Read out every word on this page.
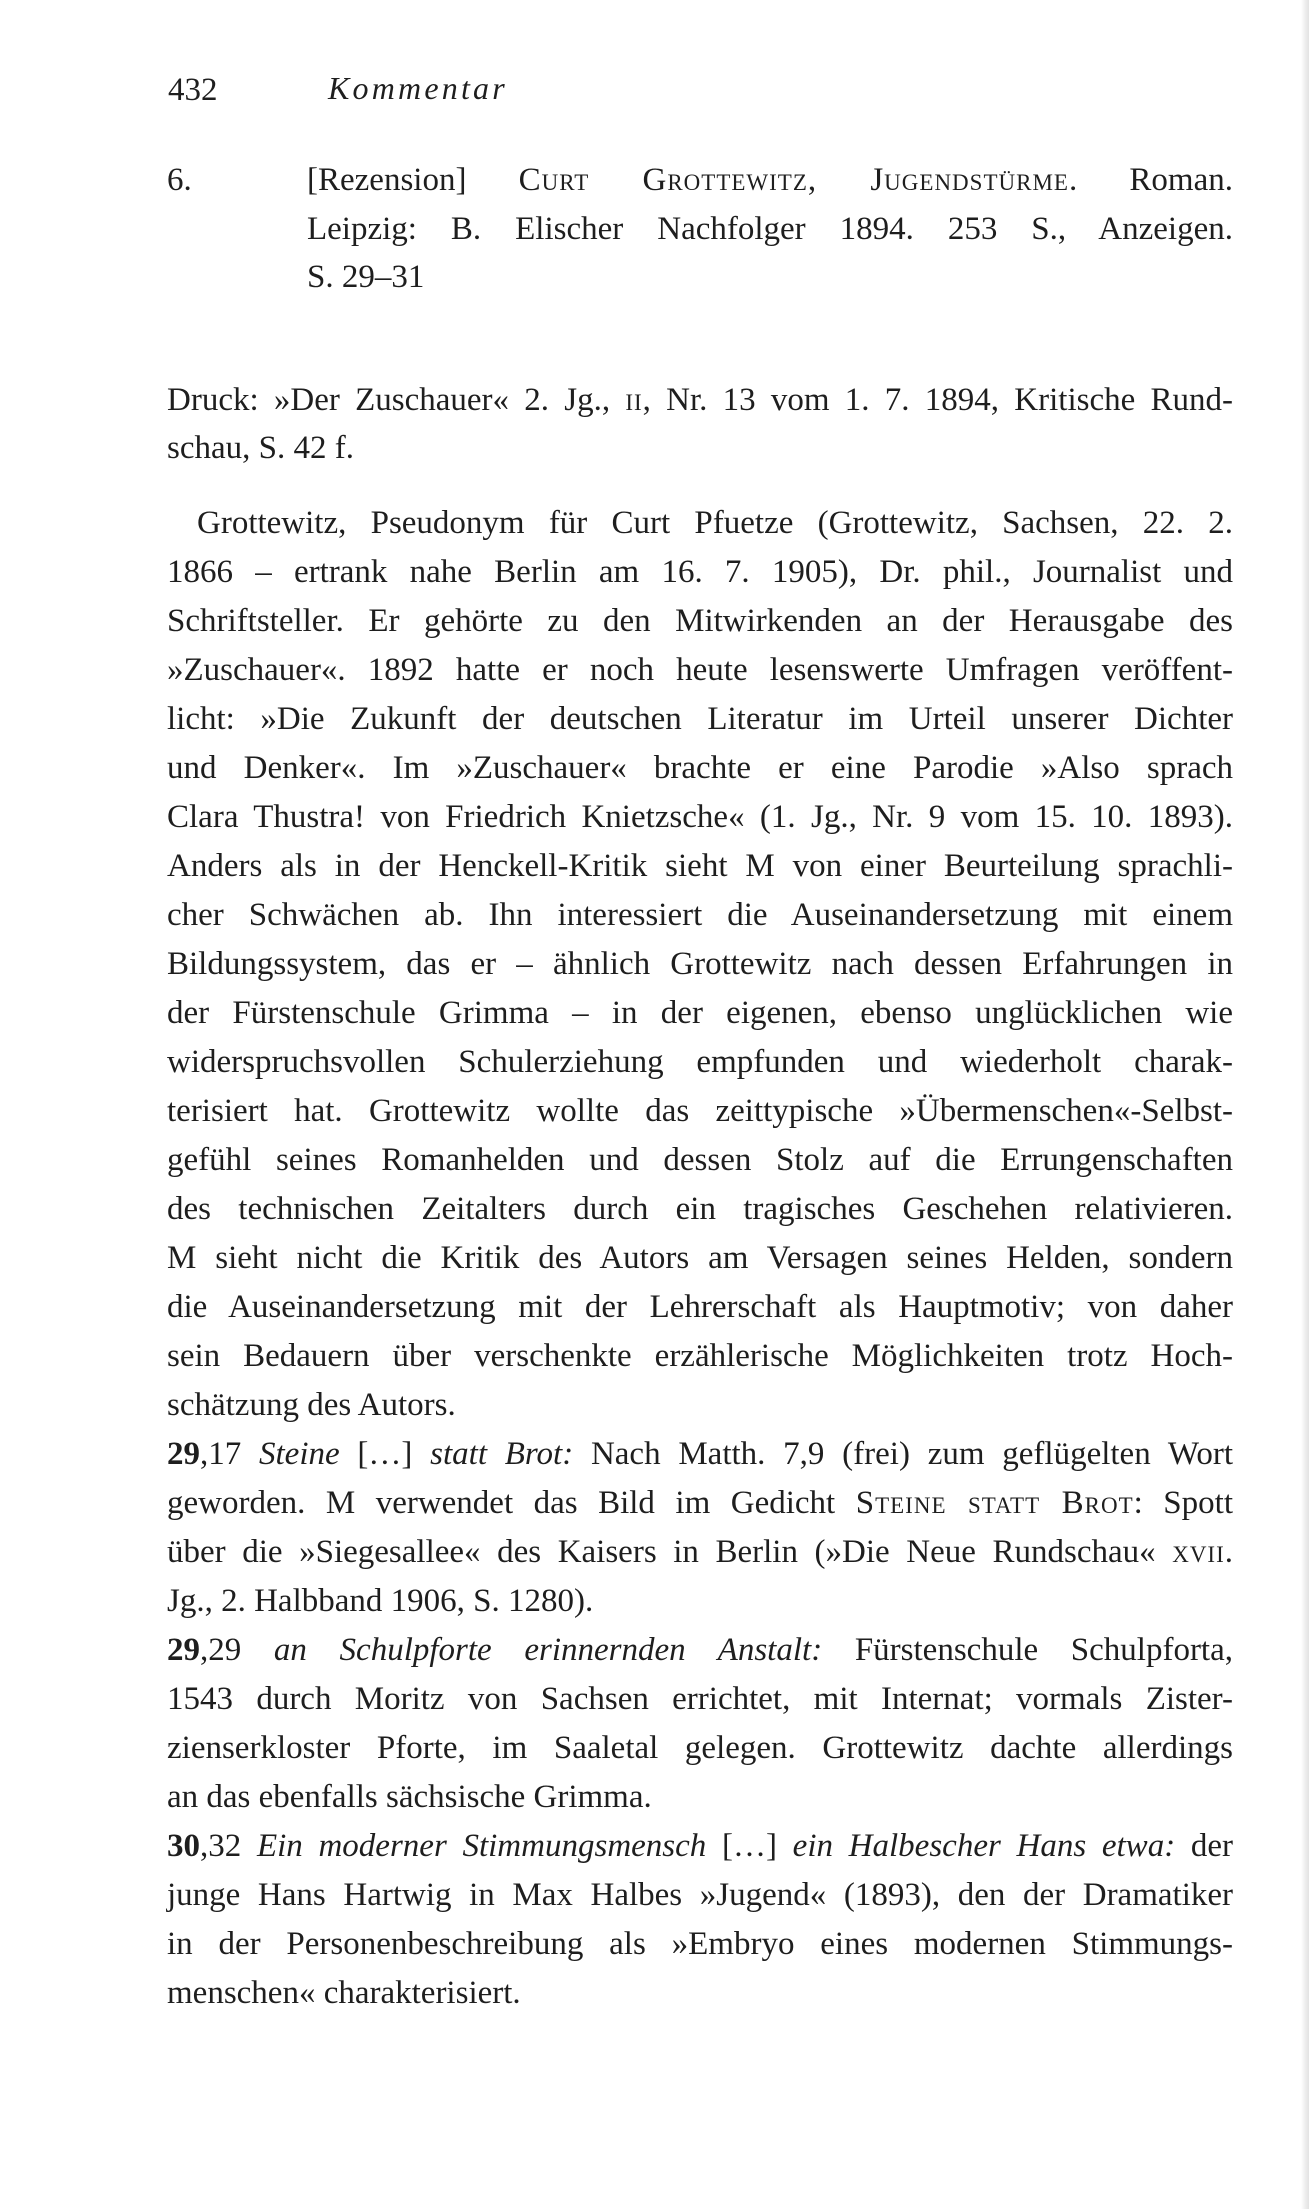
432	Kommentar
6.	[Rezension] Curt Grottewitz, Jugendstürme. Roman.
Leipzig: B. Elischer Nachfolger 1894. 253 S., Anzeigen.
S. 29–31
Druck: »Der Zuschauer« 2. Jg., ii, Nr. 13 vom 1. 7. 1894, Kritische Rund-
schau, S. 42 f.
Grottewitz, Pseudonym für Curt Pfuetze (Grottewitz, Sachsen, 22. 2.
1866 – ertrank nahe Berlin am 16. 7. 1905), Dr. phil., Journalist und
Schriftsteller. Er gehörte zu den Mitwirkenden an der Herausgabe des
»Zuschauer«. 1892 hatte er noch heute lesenswerte Umfragen veröffent-
licht: »Die Zukunft der deutschen Literatur im Urteil unserer Dichter
und Denker«. Im »Zuschauer« brachte er eine Parodie »Also sprach
Clara Thustra! von Friedrich Knietzsche« (1. Jg., Nr. 9 vom 15. 10. 1893).
Anders als in der Henckell-Kritik sieht M von einer Beurteilung sprachli-
cher Schwächen ab. Ihn interessiert die Auseinandersetzung mit einem
Bildungssystem, das er – ähnlich Grottewitz nach dessen Erfahrungen in
der Fürstenschule Grimma – in der eigenen, ebenso unglücklichen wie
widerspruchsvollen Schulerziehung empfunden und wiederholt charak-
terisiert hat. Grottewitz wollte das zeittypische »Übermenschen«-Selbst-
gefühl seines Romanhelden und dessen Stolz auf die Errungenschaften
des technischen Zeitalters durch ein tragisches Geschehen relativieren.
M sieht nicht die Kritik des Autors am Versagen seines Helden, sondern
die Auseinandersetzung mit der Lehrerschaft als Hauptmotiv; von daher
sein Bedauern über verschenkte erzählerische Möglichkeiten trotz Hoch-
schätzung des Autors.
29,17 Steine […] statt Brot: Nach Matth. 7,9 (frei) zum geflügelten Wort
geworden. M verwendet das Bild im Gedicht Steine statt Brot: Spott
über die »Siegesallee« des Kaisers in Berlin (»Die Neue Rundschau« xvii.
Jg., 2. Halbband 1906, S. 1280).
29,29 an Schulpforte erinnernden Anstalt: Fürstenschule Schulpforta,
1543 durch Moritz von Sachsen errichtet, mit Internat; vormals Zister-
zienserkloster Pforte, im Saaletal gelegen. Grottewitz dachte allerdings
an das ebenfalls sächsische Grimma.
30,32 Ein moderner Stimmungsmensch […] ein Halbescher Hans etwa: der
junge Hans Hartwig in Max Halbes »Jugend« (1893), den der Dramatiker
in der Personenbeschreibung als »Embryo eines modernen Stimmungs-
menschen« charakterisiert.
